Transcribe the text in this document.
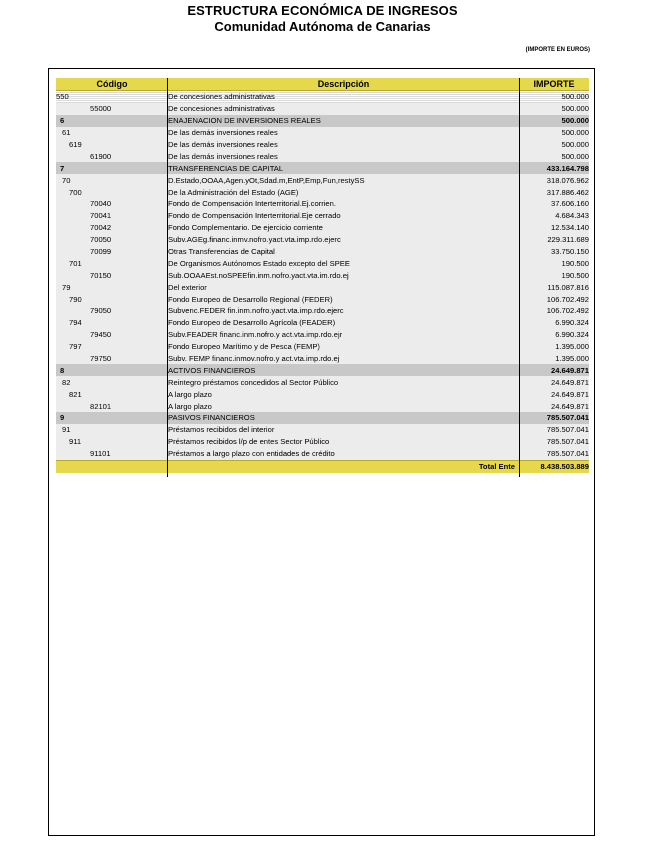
ESTRUCTURA ECONÓMICA DE INGRESOS
Comunidad Autónoma de Canarias
(IMPORTE EN EUROS)
Código	Descripción	IMPORTE
550	De concesiones administrativas	500.000
55000	De concesiones administrativas	500.000
6	ENAJENACION DE INVERSIONES REALES	500.000
61	De las demás inversiones reales	500.000
619	De las demás inversiones reales	500.000
61900	De las demás inversiones reales	500.000
7	TRANSFERENCIAS DE CAPITAL	433.164.798
70	D.Estado,OOAA,Agen.yOt,Sdad.m,EntP,Emp,Fun,restySS	318.076.962
700	De la Administración del Estado (AGE)	317.886.462
70040	Fondo de Compensación Interterritorial.Ej.corrien.	37.606.160
70041	Fondo de Compensación Interterritorial.Eje cerrado	4.684.343
70042	Fondo Complementario. De ejercicio corriente	12.534.140
70050	Subv.AGEg.financ.inmv.nofro.yact.vta.imp.rdo.ejerc	229.311.689
70099	Otras Transferencias de Capital	33.750.150
701	De Organismos Autónomos Estado excepto del SPEE	190.500
70150	Sub.OOAAEst.noSPEEfin.inm.nofro.yact.vta.im.rdo.ej	190.500
79	Del exterior	115.087.816
790	Fondo Europeo de Desarrollo Regional (FEDER)	106.702.492
79050	Subvenc.FEDER fin.inm.nofro.yact.vta.imp.rdo.ejerc	106.702.492
794	Fondo Europeo de Desarrollo Agrícola (FEADER)	6.990.324
79450	Subv.FEADER financ.inm.nofro.y act.vta.imp.rdo.ejr	6.990.324
797	Fondo Europeo Marítimo y de Pesca (FEMP)	1.395.000
79750	Subv. FEMP financ.inmov.nofro.y act.vta.imp.rdo.ej	1.395.000
8	ACTIVOS FINANCIEROS	24.649.871
82	Reintegro préstamos concedidos al Sector Público	24.649.871
821	A largo plazo	24.649.871
82101	A largo plazo	24.649.871
9	PASIVOS FINANCIEROS	785.507.041
91	Préstamos recibidos del interior	785.507.041
911	Préstamos recibidos l/p de entes Sector Público	785.507.041
91101	Préstamos a largo plazo con entidades de crédito	785.507.041
	Total Ente	8.438.503.889
